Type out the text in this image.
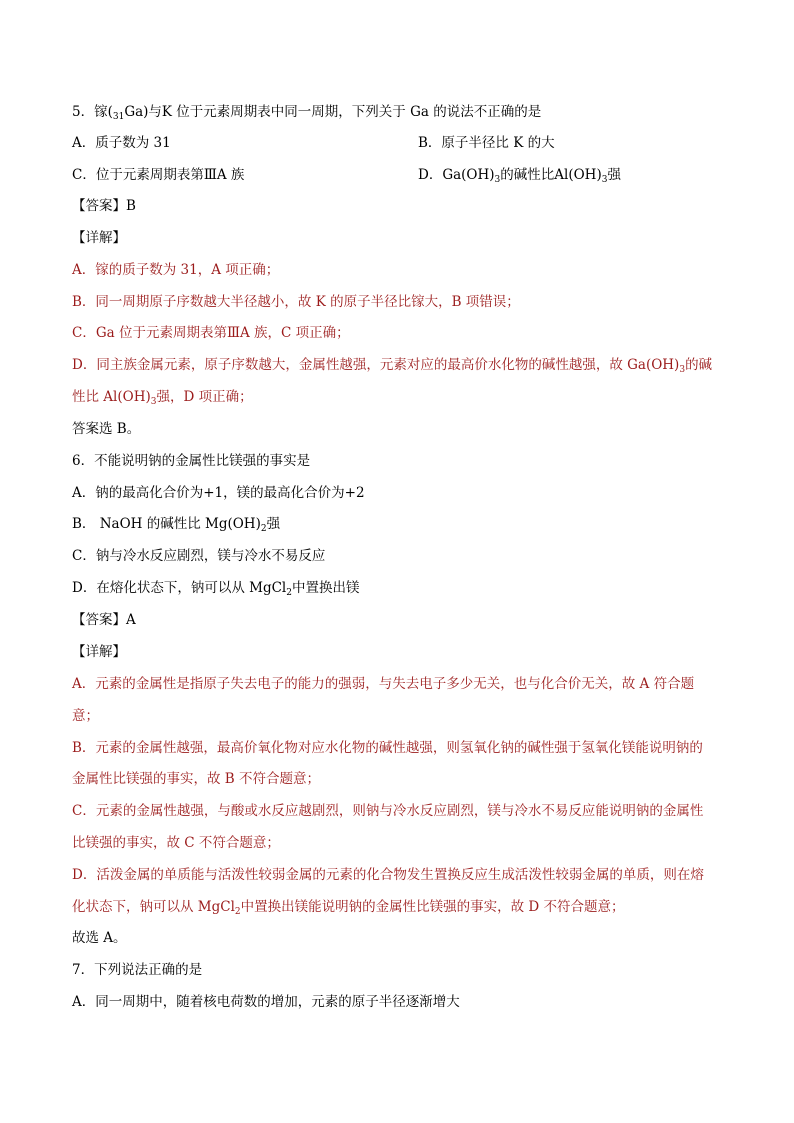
5．镓$(_{31}Ga)$与K 位于元素周期表中同一周期，下列关于 Ga 的说法不正确的是
A．质子数为 31	B．原子半径比 K 的大
C．位于元素周期表第ⅢA 族	D．$Ga(OH)_3$的碱性比$Al(OH)_3$强
【答案】B
【详解】
A．镓的质子数为 31，A 项正确；
B．同一周期原子序数越大半径越小，故 K 的原子半径比镓大，B 项错误；
C．Ga 位于元素周期表第ⅢA 族，C 项正确；
D．同主族金属元素，原子序数越大，金属性越强，元素对应的最高价水化物的碱性越强，故 $Ga(OH)_3$的碱
性比 $Al(OH)_3$强，D 项正确；
答案选 B。
6．不能说明钠的金属性比镁强的事实是
A．钠的最高化合价为+1，镁的最高化合价为+2
B． NaOH 的碱性比 $Mg(OH)_2$强
C．钠与冷水反应剧烈，镁与冷水不易反应
D．在熔化状态下，钠可以从 MgCl$_2$中置换出镁
【答案】A
【详解】
A．元素的金属性是指原子失去电子的能力的强弱，与失去电子多少无关，也与化合价无关，故 A 符合题
意；
B．元素的金属性越强，最高价氧化物对应水化物的碱性越强，则氢氧化钠的碱性强于氢氧化镁能说明钠的
金属性比镁强的事实，故 B 不符合题意；
C．元素的金属性越强，与酸或水反应越剧烈，则钠与冷水反应剧烈，镁与冷水不易反应能说明钠的金属性
比镁强的事实，故 C 不符合题意；
D．活泼金属的单质能与活泼性较弱金属的元素的化合物发生置换反应生成活泼性较弱金属的单质，则在熔
化状态下，钠可以从 MgCl$_2$中置换出镁能说明钠的金属性比镁强的事实，故 D 不符合题意；
故选 A。
7．下列说法正确的是
A．同一周期中，随着核电荷数的增加，元素的原子半径逐渐增大
